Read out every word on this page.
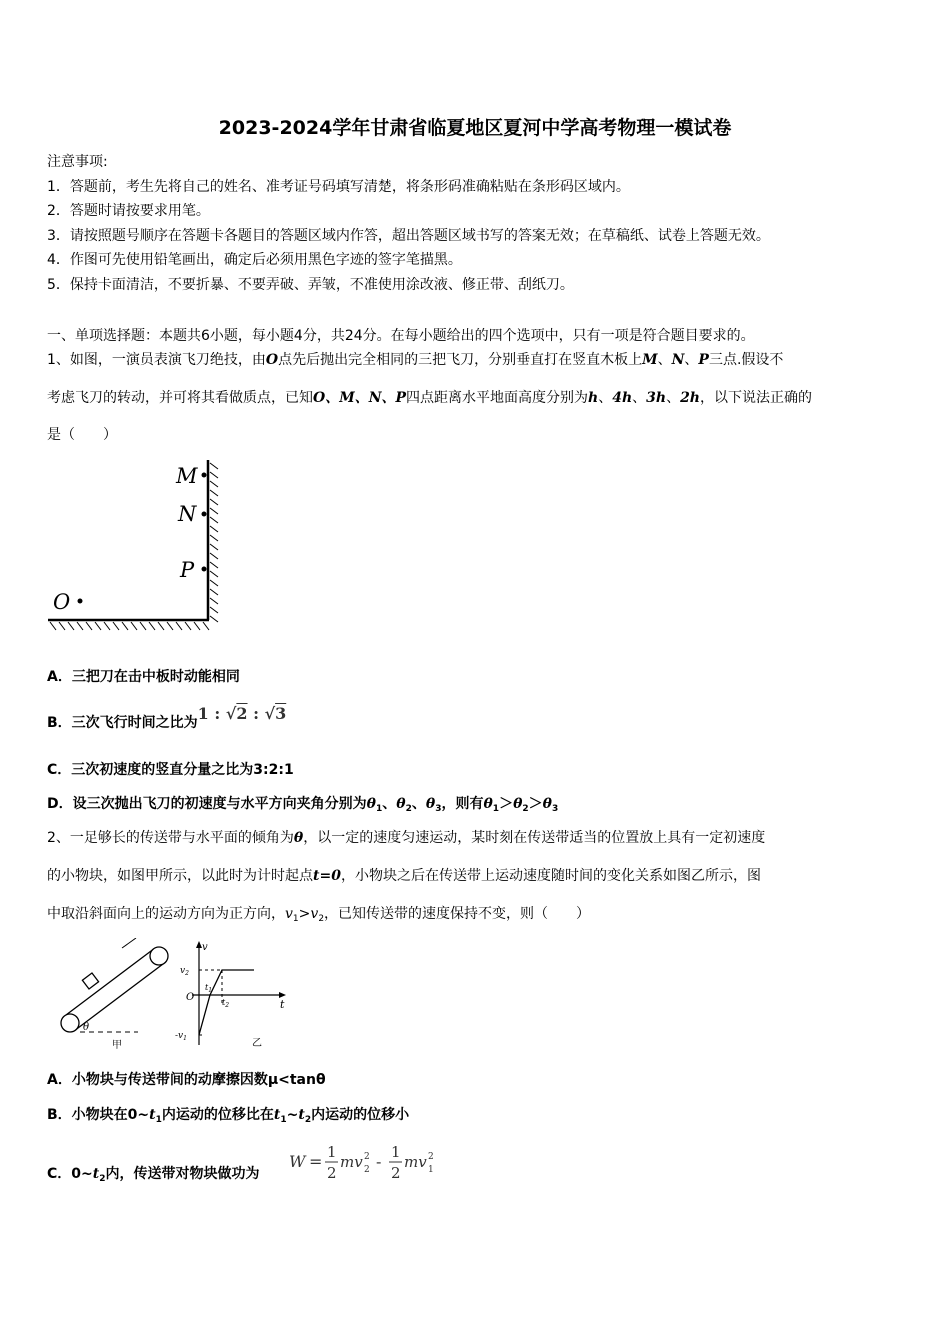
2023-2024学年甘肃省临夏地区夏河中学高考物理一模试卷
注意事项:
1．答题前，考生先将自己的姓名、准考证号码填写清楚，将条形码准确粘贴在条形码区域内。
2．答题时请按要求用笔。
3．请按照题号顺序在答题卡各题目的答题区域内作答，超出答题区域书写的答案无效；在草稿纸、试卷上答题无效。
4．作图可先使用铅笔画出，确定后必须用黑色字迹的签字笔描黑。
5．保持卡面清洁，不要折暴、不要弄破、弄皱，不准使用涂改液、修正带、刮纸刀。
一、单项选择题：本题共6小题，每小题4分，共24分。在每小题给出的四个选项中，只有一项是符合题目要求的。
1、如图，一演员表演飞刀绝技，由O点先后抛出完全相同的三把飞刀，分别垂直打在竖直木板上M、N、P三点.假设不
考虑飞刀的转动，并可将其看做质点，已知O、M、N、P四点距离水平地面高度分别为h、4h、3h、2h，以下说法正确的
是（　　）
M
N
P
O
A．三把刀在击中板时动能相同
B．三次飞行时间之比为1 : √2 : √3
C．三次初速度的竖直分量之比为3:2:1
D．设三次抛出飞刀的初速度与水平方向夹角分别为$\theta_1$、$\theta_2$、$\theta_3$，则有$\theta_1>\theta_2>\theta_3$
2、一足够长的传送带与水平面的倾角为θ，以一定的速度匀速运动，某时刻在传送带适当的位置放上具有一定初速度
的小物块，如图甲所示，以此时为计时起点t=0，小物块之后在传送带上运动速度随时间的变化关系如图乙所示，图
中取沿斜面向上的运动方向为正方向，$v_1>v_2$，已知传送带的速度保持不变，则（　　）
θ
甲
v
$v_2$
$-v_1$
O
$t_1$
$t_2$	t
乙
A．小物块与传送带间的动摩擦因数μ<tanθ
B．小物块在$0\sim t_1$内运动的位移比在$t_1\sim t_2$内运动的位移小
C．$0\sim t_2$内，传送带对物块做功为
W = 1
2
mv 2
2 - 1
2
mv 2
1
